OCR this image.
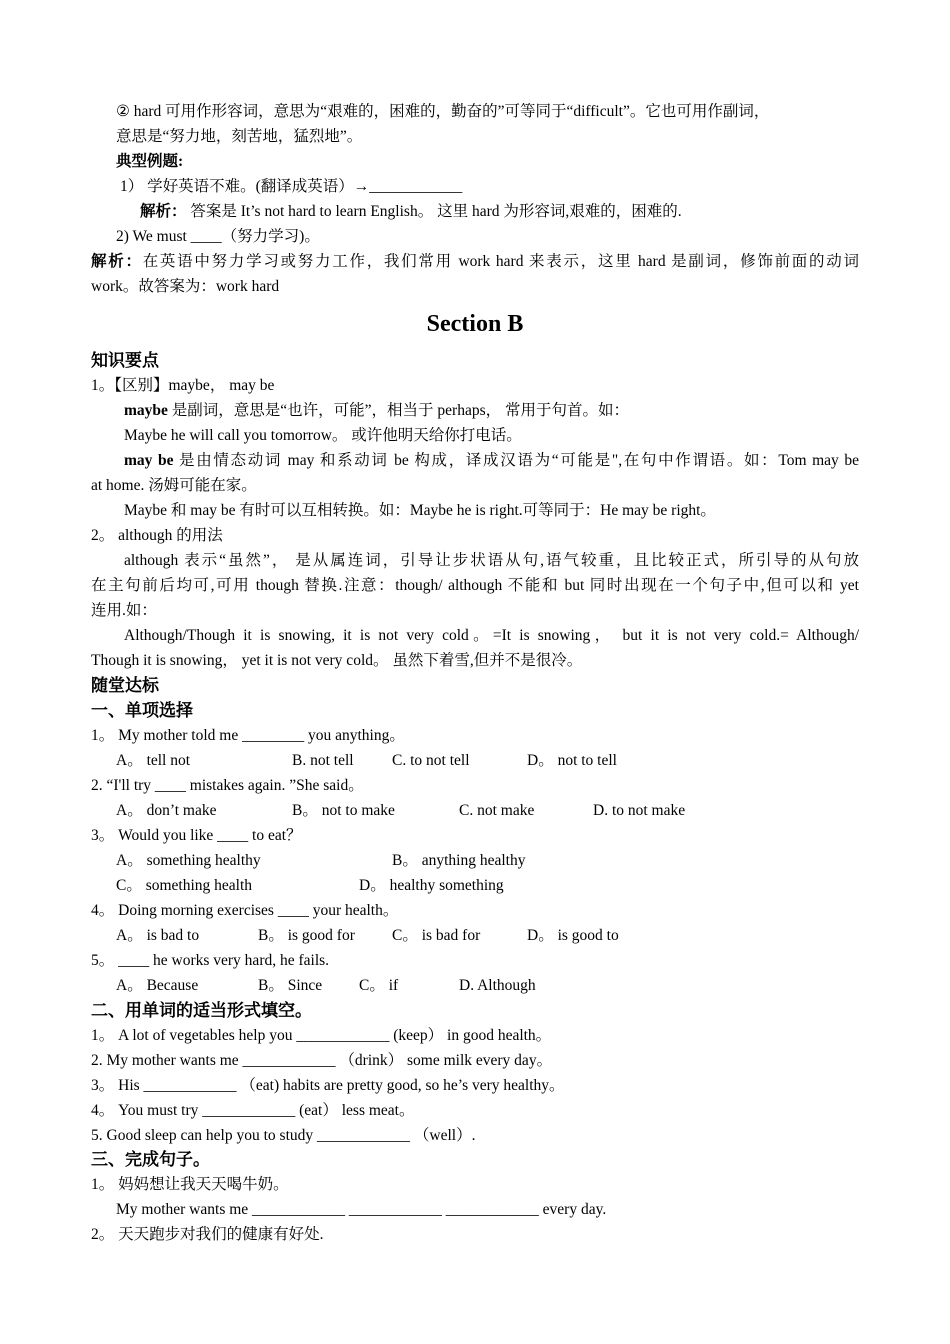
② hard 可用作形容词，意思为“艰难的，困难的，勤奋的”可等同于“difficult”。它也可用作副词，
意思是“努力地，刻苦地，猛烈地”。
典型例题:
1） 学好英语不难。(翻译成英语）→____________
解析： 答案是 It’s not hard to learn English。 这里 hard 为形容词,艰难的，困难的.
2) We must ____（努力学习)。
解析：在英语中努力学习或努力工作，我们常用 work hard 来表示，这里 hard 是副词，修饰前面的动词
work。故答案为：work hard
Section B
知识要点
1。【区别】maybe， may be
maybe 是副词，意思是“也许，可能”，相当于 perhaps， 常用于句首。如：
Maybe he will call you tomorrow。 或许他明天给你打电话。
may be 是由情态动词 may 和系动词 be 构成，译成汉语为“可能是",在句中作谓语。如：Tom may be
at home. 汤姆可能在家。
Maybe 和 may be 有时可以互相转换。如：Maybe he is right.可等同于：He may be right。
2。 although 的用法
although 表示“虽然”， 是从属连词，引导让步状语从句,语气较重，且比较正式，所引导的从句放
在主句前后均可,可用 though 替换.注意：though/ although 不能和 but 同时出现在一个句子中,但可以和 yet
连用.如：
Although/Though it is snowing, it is not very cold。=It is snowing， but it is not very cold.= Although/
Though it is snowing， yet it is not very cold。 虽然下着雪,但并不是很冷。
随堂达标
一、单项选择
1。 My mother told me ________ you anything。
A。 tell not	B. not tell C. to not tell	D。 not to tell
2. “I'll try ____ mistakes again. ”She said。
A。 don’t make	B。 not to make	C. not make	D. to not make
3。 Would you like ____ to eat？
A。 something healthy	B。 anything healthy
C。 something health	D。 healthy something
4。 Doing morning exercises ____ your health。
A。 is bad to	B。 is good for C。 is bad for	D。 is good to
5。 ____ he works very hard, he fails.
A。 Because	B。 Since C。 if	D. Although
二、用单词的适当形式填空。
1。 A lot of vegetables help you ____________ (keep） in good health。
2. My mother wants me ____________ （drink） some milk every day。
3。 His ____________ （eat) habits are pretty good, so he’s very healthy。
4。 You must try ____________ (eat） less meat。
5. Good sleep can help you to study ____________ （well）.
三、完成句子。
1。 妈妈想让我天天喝牛奶。
My mother wants me ____________ ____________ ____________ every day.
2。 天天跑步对我们的健康有好处.
